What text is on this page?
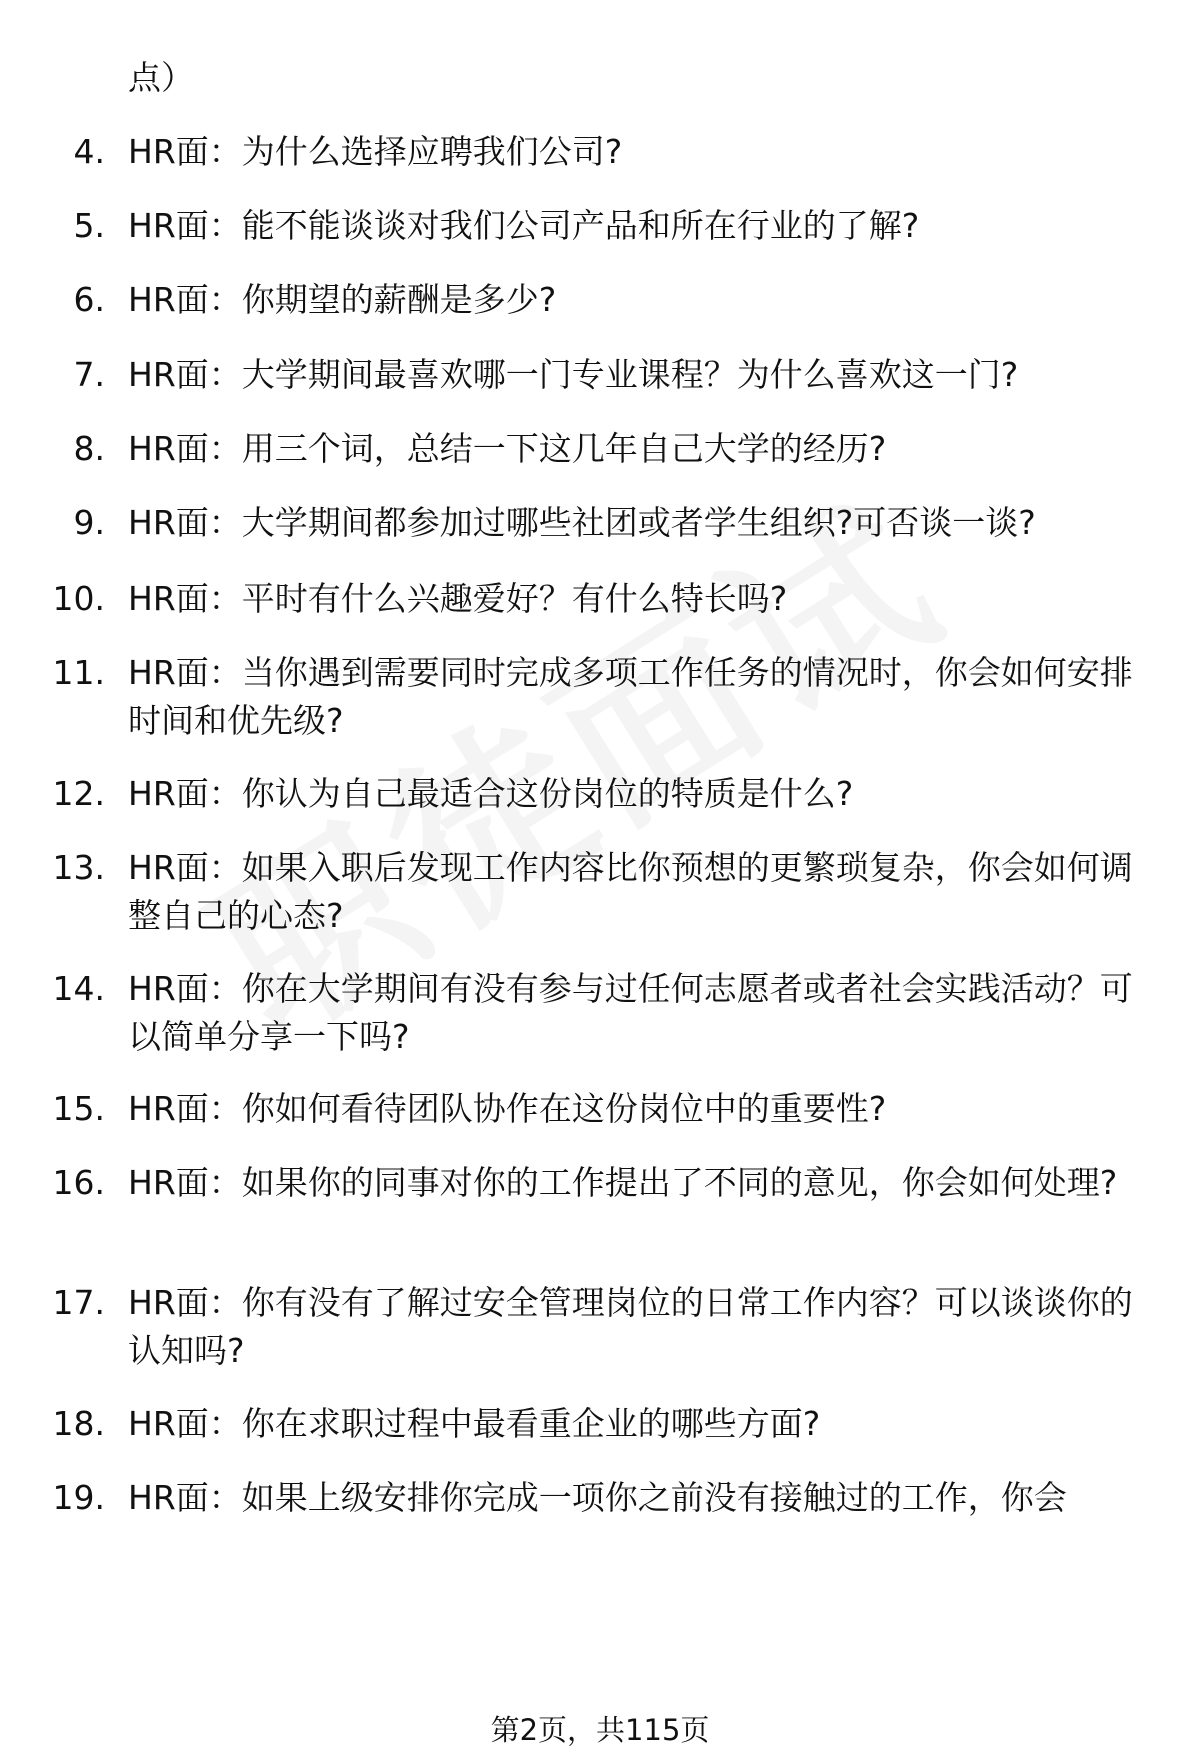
点）
4. HR面：为什么选择应聘我们公司?
5. HR面：能不能谈谈对我们公司产品和所在行业的了解?
6. HR面：你期望的薪酬是多少?
7. HR面：大学期间最喜欢哪一门专业课程？为什么喜欢这一门?
8. HR面：用三个词，总结一下这几年自己大学的经历?
9. HR面：大学期间都参加过哪些社团或者学生组织?可否谈一谈?
10. HR面：平时有什么兴趣爱好？有什么特长吗?
11. HR面：当你遇到需要同时完成多项工作任务的情况时，你会如何安排时间和优先级?
12. HR面：你认为自己最适合这份岗位的特质是什么?
13. HR面：如果入职后发现工作内容比你预想的更繁琐复杂，你会如何调整自己的心态?
14. HR面：你在大学期间有没有参与过任何志愿者或者社会实践活动？可以简单分享一下吗?
15. HR面：你如何看待团队协作在这份岗位中的重要性?
16. HR面：如果你的同事对你的工作提出了不同的意见，你会如何处理?
17. HR面：你有没有了解过安全管理岗位的日常工作内容？可以谈谈你的认知吗?
18. HR面：你在求职过程中最看重企业的哪些方面?
19. HR面：如果上级安排你完成一项你之前没有接触过的工作，你会
第2页，共115页
